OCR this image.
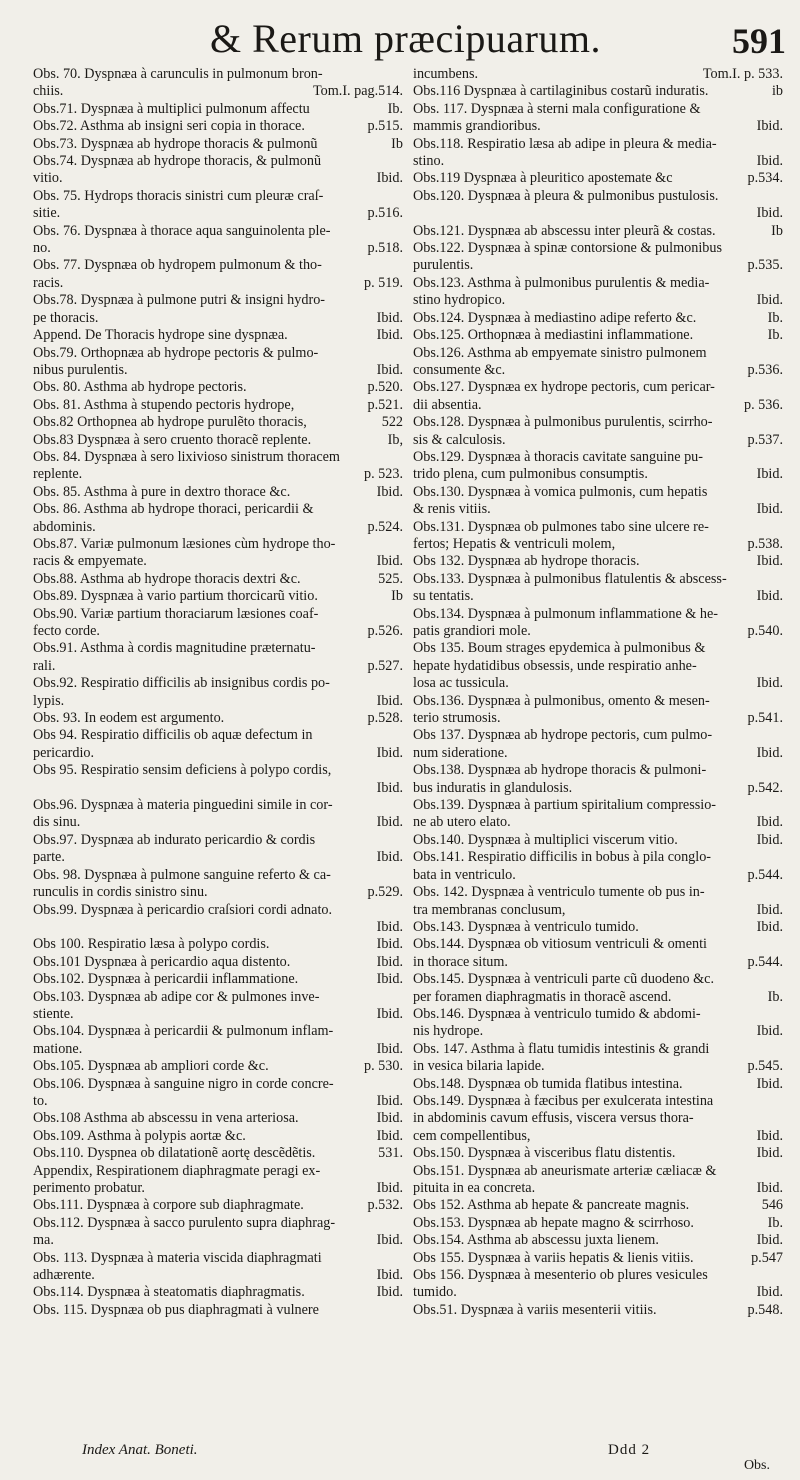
& Rerum præcipuarum.	591
Obs. 70. Dyspnæa à carunculis in pulmonum bron-
Tom.I. pag.514.
chiis.
Ib.
Obs.71. Dyspnæa à multiplici pulmonum affectu
p.515.
Obs.72. Asthma ab insigni seri copia in thorace.
Ib
Obs.73. Dyspnæa ab hydrope thoracis & pulmonũ
Obs.74. Dyspnæa ab hydrope thoracis, & pulmonũ
Ibid.
vitio.
Obs. 75. Hydrops thoracis sinistri cum pleuræ craſ-
p.516.
sitie.
Obs. 76. Dyspnæa à thorace aqua sanguinolenta ple-
p.518.
no.
Obs. 77. Dyspnæa ob hydropem pulmonum & tho-
p. 519.
racis.
Obs.78. Dyspnæa à pulmone putri & insigni hydro-
Ibid.
pe thoracis.
Ibid.
Append. De Thoracis hydrope sine dyspnæa.
Obs.79. Orthopnæa ab hydrope pectoris & pulmo-
Ibid.
nibus purulentis.
p.520.
Obs. 80. Asthma ab hydrope pectoris.
p.521.
Obs. 81. Asthma à stupendo pectoris hydrope,
522
Obs.82 Orthopnea ab hydrope purulẽto thoracis,
Ib,
Obs.83 Dyspnæa à sero cruento thoracẽ replente.
Obs. 84. Dyspnæa à sero lixivioso sinistrum thoracem
p. 523.
replente.
Ibid.
Obs. 85. Asthma à pure in dextro thorace &c.
Obs. 86. Asthma ab hydrope thoraci, pericardii &
p.524.
abdominis.
Obs.87. Variæ pulmonum læsiones cùm hydrope tho-
Ibid.
racis & empyemate.
525.
Obs.88. Asthma ab hydrope thoracis dextri &c.
Ib
Obs.89. Dyspnæa à vario partium thorcicarũ vitio.
Obs.90. Variæ partium thoraciarum læsiones coaf-
p.526.
fecto corde.
Obs.91. Asthma à cordis magnitudine præternatu-
p.527.
rali.
Obs.92. Respiratio difficilis ab insignibus cordis po-
Ibid.
lypis.
p.528.
Obs. 93. In eodem est argumento.
Obs 94. Respiratio difficilis ob aquæ defectum in
Ibid.
pericardio.
Obs 95. Respiratio sensim deficiens à polypo cordis,
Ibid.
Obs.96. Dyspnæa à materia pinguedini simile in cor-
Ibid.
dis sinu.
Obs.97. Dyspnæa ab indurato pericardio & cordis
Ibid.
parte.
Obs. 98. Dyspnæa à pulmone sanguine referto & ca-
p.529.
runculis in cordis sinistro sinu.
Obs.99. Dyspnæa à pericardio craſsiori cordi adnato.
Ibid.
Ibid.
Obs 100. Respiratio læsa à polypo cordis.
Ibid.
Obs.101 Dyspnæa à pericardio aqua distento.
Ibid.
Obs.102. Dyspnæa à pericardii inflammatione.
Obs.103. Dyspnæa ab adipe cor & pulmones inve-
Ibid.
stiente.
Obs.104. Dyspnæa à pericardii & pulmonum inflam-
Ibid.
matione.
p. 530.
Obs.105. Dyspnæa ab ampliori corde &c.
Obs.106. Dyspnæa à sanguine nigro in corde concre-
Ibid.
to.
Ibid.
Obs.108 Asthma ab abscessu in vena arteriosa.
Ibid.
Obs.109. Asthma à polypis aortæ &c.
531.
Obs.110. Dyspnea ob dilatationẽ aortę descẽdẽtis.
Appendix, Respirationem diaphragmate peragi ex-
Ibid.
perimento probatur.
p.532.
Obs.111. Dyspnæa à corpore sub diaphragmate.
Obs.112. Dyspnæa à sacco purulento supra diaphrag-
Ibid.
ma.
Obs. 113. Dyspnæa à materia viscida diaphragmati
Ibid.
adhærente.
Ibid.
Obs.114. Dyspnæa à steatomatis diaphragmatis.
Obs. 115. Dyspnæa ob pus diaphragmati à vulnere
Tom.I. p. 533.
incumbens.
ib
Obs.116 Dyspnæa à cartilaginibus costarũ induratis.
Obs. 117. Dyspnæa à sterni mala configuratione &
Ibid.
mammis grandioribus.
Obs.118. Respiratio læsa ab adipe in pleura & media-
Ibid.
stino.
p.534.
Obs.119 Dyspnæa à pleuritico apostemate &c
Obs.120. Dyspnæa à pleura & pulmonibus pustulosis.
Ibid.
Ib
Obs.121. Dyspnæa ab abscessu inter pleurã & costas.
Obs.122. Dyspnæa à spinæ contorsione & pulmonibus
p.535.
purulentis.
Obs.123. Asthma à pulmonibus purulentis & media-
Ibid.
stino hydropico.
Ib.
Obs.124. Dyspnæa à mediastino adipe referto &c.
Ib.
Obs.125. Orthopnæa à mediastini inflammatione.
Obs.126. Asthma ab empyemate sinistro pulmonem
p.536.
consumente &c.
Obs.127. Dyspnæa ex hydrope pectoris, cum pericar-
p. 536.
dii absentia.
Obs.128. Dyspnæa à pulmonibus purulentis, scirrho-
p.537.
sis & calculosis.
Obs.129. Dyspnæa à thoracis cavitate sanguine pu-
Ibid.
trido plena, cum pulmonibus consumptis.
Obs.130. Dyspnæa à vomica pulmonis, cum hepatis
Ibid.
& renis vitiis.
Obs.131. Dyspnæa ob pulmones tabo sine ulcere re-
p.538.
fertos; Hepatis & ventriculi molem,
Ibid.
Obs 132. Dyspnæa ab hydrope thoracis.
Obs.133. Dyspnæa à pulmonibus flatulentis & abscess-
Ibid.
su tentatis.
Obs.134. Dyspnæa à pulmonum inflammatione & he-
p.540.
patis grandiori mole.
Obs 135. Boum strages epydemica à pulmonibus &
hepate hydatidibus obsessis, unde respiratio anhe-
Ibid.
losa ac tussicula.
Obs.136. Dyspnæa à pulmonibus, omento & mesen-
p.541.
terio strumosis.
Obs 137. Dyspnæa ab hydrope pectoris, cum pulmo-
Ibid.
num sideratione.
Obs.138. Dyspnæa ab hydrope thoracis & pulmoni-
p.542.
bus induratis in glandulosis.
Obs.139. Dyspnæa à partium spiritalium compressio-
Ibid.
ne ab utero elato.
Ibid.
Obs.140. Dyspnæa à multiplici viscerum vitio.
Obs.141. Respiratio difficilis in bobus à pila conglo-
p.544.
bata in ventriculo.
Obs. 142. Dyspnæa à ventriculo tumente ob pus in-
Ibid.
tra membranas conclusum,
Ibid.
Obs.143. Dyspnæa à ventriculo tumido.
Obs.144. Dyspnæa ob vitiosum ventriculi & omenti
p.544.
in thorace situm.
Obs.145. Dyspnæa à ventriculi parte cũ duodeno &c.
Ib.
per foramen diaphragmatis in thoracẽ ascend.
Obs.146. Dyspnæa à ventriculo tumido & abdomi-
Ibid.
nis hydrope.
Obs. 147. Asthma à flatu tumidis intestinis & grandi
p.545.
in vesica bilaria lapide.
Ibid.
Obs.148. Dyspnæa ob tumida flatibus intestina.
Obs.149. Dyspnæa à fæcibus per exulcerata intestina
in abdominis cavum effusis, viscera versus thora-
Ibid.
cem compellentibus,
Ibid.
Obs.150. Dyspnæa à visceribus flatu distentis.
Obs.151. Dyspnæa ab aneurismate arteriæ cæliacæ &
Ibid.
pituita in ea concreta.
546
Obs 152. Asthma ab hepate & pancreate magnis.
Ib.
Obs.153. Dyspnæa ab hepate magno & scirrhoso.
Ibid.
Obs.154. Asthma ab abscessu juxta lienem.
p.547
Obs 155. Dyspnæa à variis hepatis & lienis vitiis.
Obs 156. Dyspnæa à mesenterio ob plures vesicules
Ibid.
tumido.
p.548.
Obs.51. Dyspnæa à variis mesenterii vitiis.
Index Anat. Boneti.	Ddd 2
Obs.
